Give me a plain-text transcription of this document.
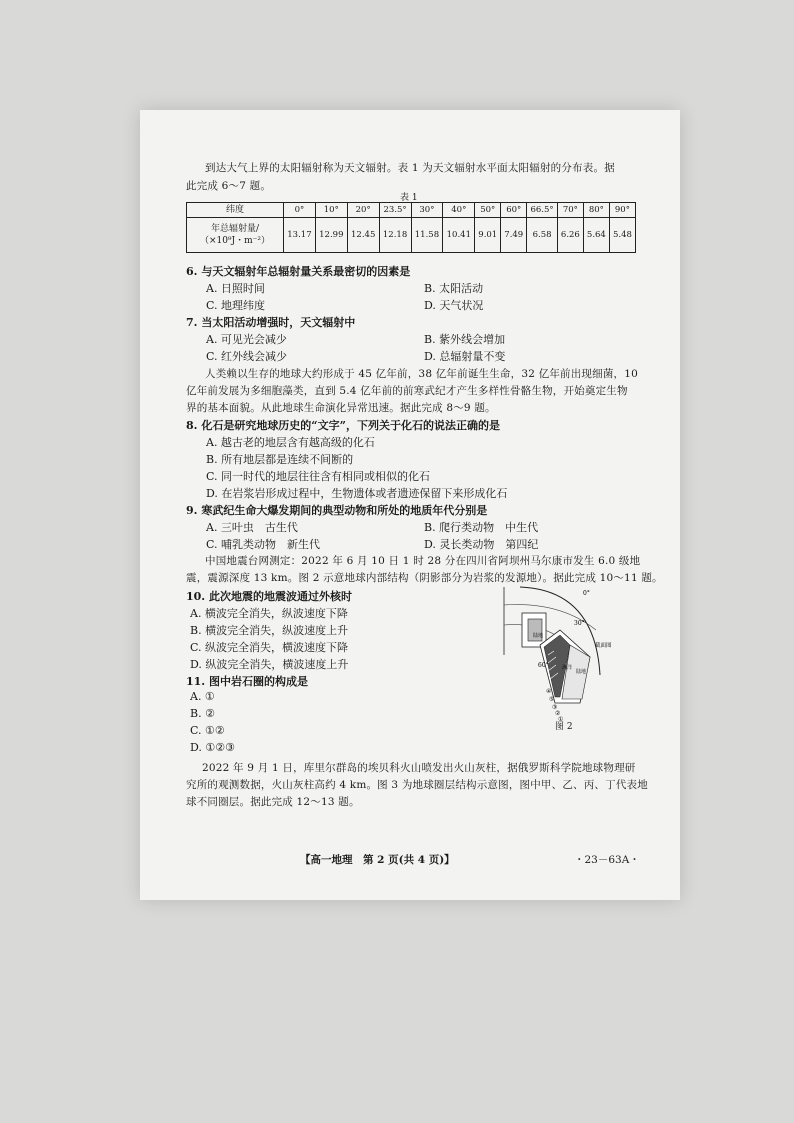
到达大气上界的太阳辐射称为天文辐射。表 1 为天文辐射水平面太阳辐射的分布表。据
此完成 6～7 题。
表 1
纬度	0°	10°	20°	23.5°	30°	40°	50°	60°	66.5°	70°	80°	90°

年总辐射量/
（×10⁹J・m⁻²）	13.17	12.99	12.45	12.18	11.58	10.41	9.01	7.49	6.58	6.26	5.64	5.48
6. 与天文辐射年总辐射量关系最密切的因素是
A. 日照时间	B. 太阳活动
C. 地理纬度	D. 天气状况
7. 当太阳活动增强时，天文辐射中
A. 可见光会减少	B. 紫外线会增加
C. 红外线会减少	D. 总辐射量不变
人类赖以生存的地球大约形成于 45 亿年前，38 亿年前诞生生命，32 亿年前出现细菌，10
亿年前发展为多细胞藻类，直到 5.4 亿年前的前寒武纪才产生多样性骨骼生物，开始奠定生物
界的基本面貌。从此地球生命演化异常迅速。据此完成 8～9 题。
8. 化石是研究地球历史的“文字”，下列关于化石的说法正确的是
A. 越古老的地层含有越高级的化石
B. 所有地层都是连续不间断的
C. 同一时代的地层往往含有相同或相似的化石
D. 在岩浆岩形成过程中，生物遗体或者遗迹保留下来形成化石
9. 寒武纪生命大爆发期间的典型动物和所处的地质年代分别是
A. 三叶虫　古生代	B. 爬行类动物　中生代
C. 哺乳类动物　新生代	D. 灵长类动物　第四纪
中国地震台网测定：2022 年 6 月 10 日 1 时 28 分在四川省阿坝州马尔康市发生 6.0 级地
震，震源深度 13 km。图 2 示意地球内部结构（阴影部分为岩浆的发源地）。据此完成 10～11 题。
10. 此次地震的地震波通过外核时
A. 横波完全消失，纵波速度下降
B. 横波完全消失，纵波速度上升
C. 纵波完全消失，横波速度下降
D. 纵波完全消失，横波速度上升
11. 图中岩石圈的构成是
A. ①
B. ②
C. ①②
D. ①②③
0°
30°
60°
截面图
陆地
海洋
陆地
④
⑤
③
②
①
图 2
2022 年 9 月 1 日，库里尔群岛的埃贝科火山喷发出火山灰柱，据俄罗斯科学院地球物理研
究所的观测数据，火山灰柱高约 4 km。图 3 为地球圈层结构示意图，图中甲、乙、丙、丁代表地
球不同圈层。据此完成 12～13 题。
【高一地理　第 2 页(共 4 页)】	・23－63A・
